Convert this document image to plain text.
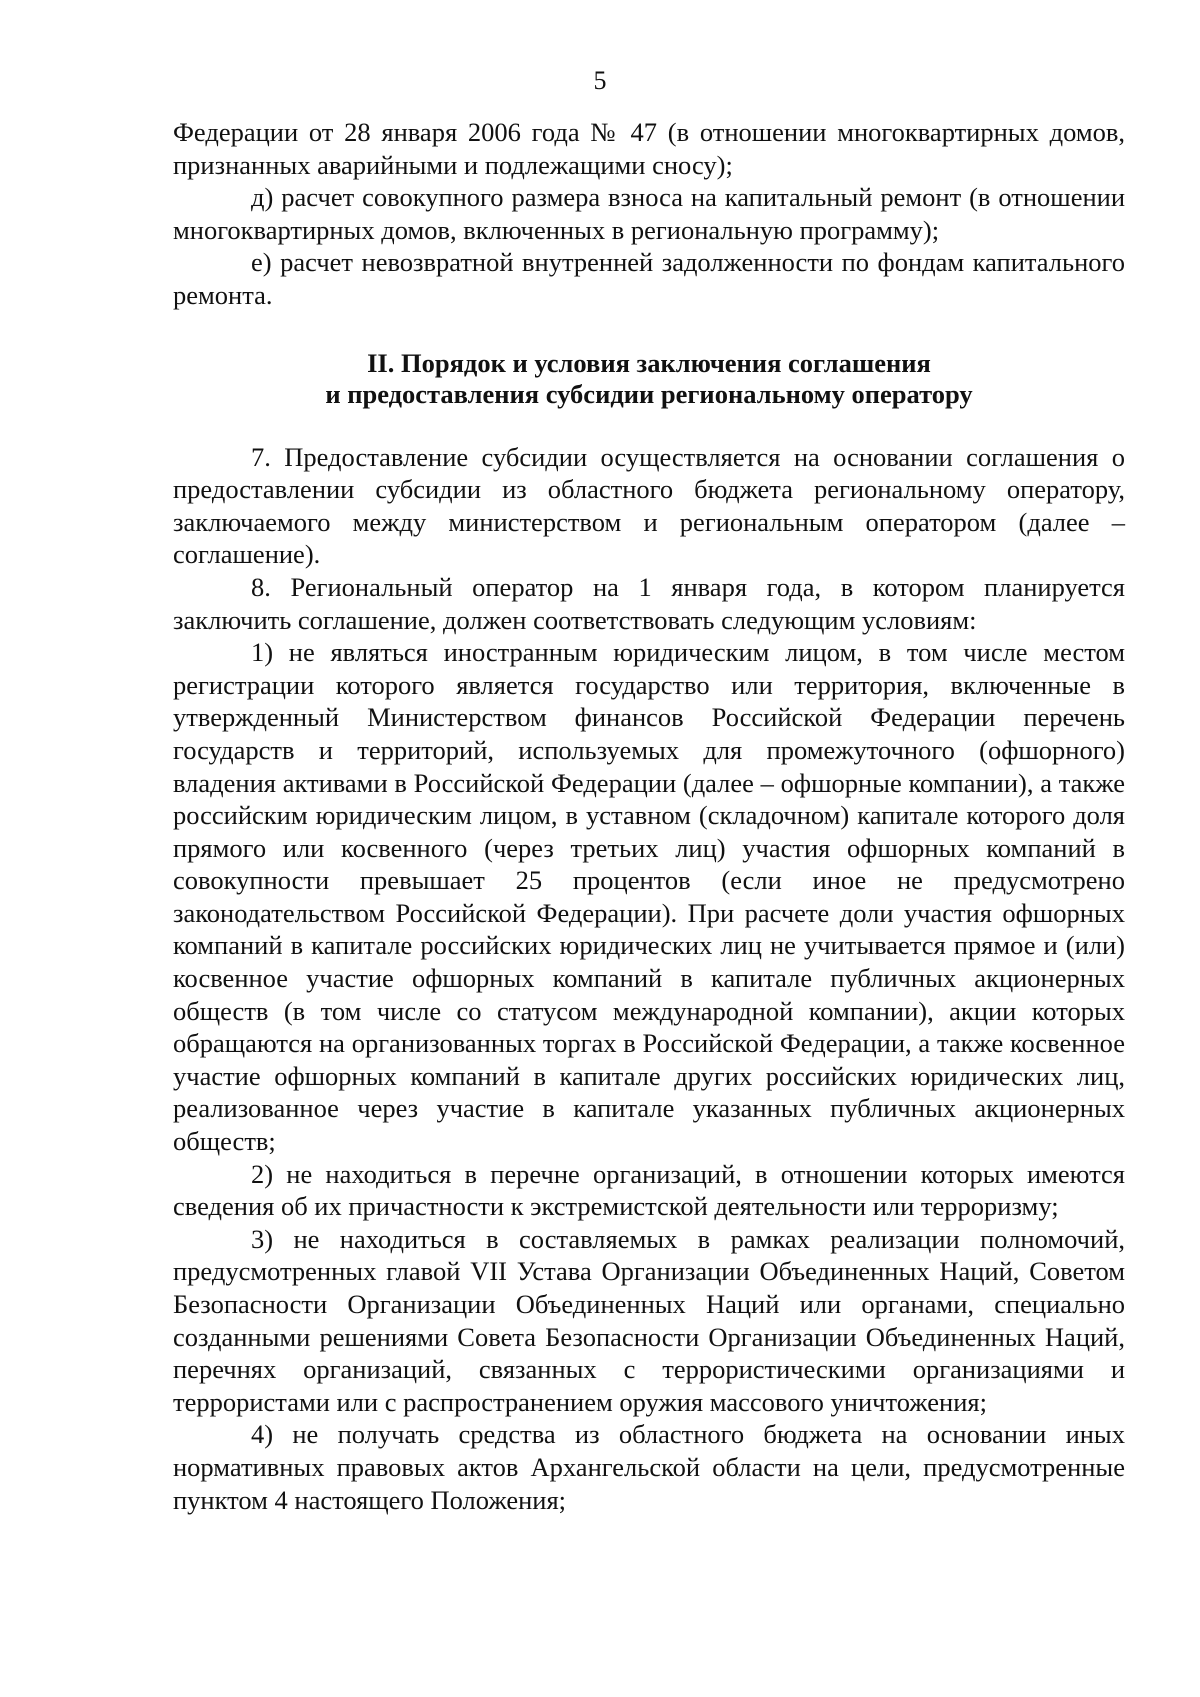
5

Федерации от 28 января 2006 года № 47 (в отношении многоквартирных домов, признанных аварийными и подлежащими сносу);

д) расчет совокупного размера взноса на капитальный ремонт (в отношении многоквартирных домов, включенных в региональную программу);

е) расчет невозвратной внутренней задолженности по фондам капитального ремонта.

II. Порядок и условия заключения соглашения
и предоставления субсидии региональному оператору

7. Предоставление субсидии осуществляется на основании соглашения о предоставлении субсидии из областного бюджета региональному оператору, заключаемого между министерством и региональным оператором (далее – соглашение).

8. Региональный оператор на 1 января года, в котором планируется заключить соглашение, должен соответствовать следующим условиям:

1) не являться иностранным юридическим лицом, в том числе местом регистрации которого является государство или территория, включенные в утвержденный Министерством финансов Российской Федерации перечень государств и территорий, используемых для промежуточного (офшорного) владения активами в Российской Федерации (далее – офшорные компании), а также российским юридическим лицом, в уставном (складочном) капитале которого доля прямого или косвенного (через третьих лиц) участия офшорных компаний в совокупности превышает 25 процентов (если иное не предусмотрено законодательством Российской Федерации). При расчете доли участия офшорных компаний в капитале российских юридических лиц не учитывается прямое и (или) косвенное участие офшорных компаний в капитале публичных акционерных обществ (в том числе со статусом международной компании), акции которых обращаются на организованных торгах в Российской Федерации, а также косвенное участие офшорных компаний в капитале других российских юридических лиц, реализованное через участие в капитале указанных публичных акционерных обществ;

2) не находиться в перечне организаций, в отношении которых имеются сведения об их причастности к экстремистской деятельности или терроризму;

3) не находиться в составляемых в рамках реализации полномочий, предусмотренных главой VII Устава Организации Объединенных Наций, Советом Безопасности Организации Объединенных Наций или органами, специально созданными решениями Совета Безопасности Организации Объединенных Наций, перечнях организаций, связанных с террористическими организациями и террористами или с распространением оружия массового уничтожения;

4) не получать средства из областного бюджета на основании иных нормативных правовых актов Архангельской области на цели, предусмотренные пунктом 4 настоящего Положения;
